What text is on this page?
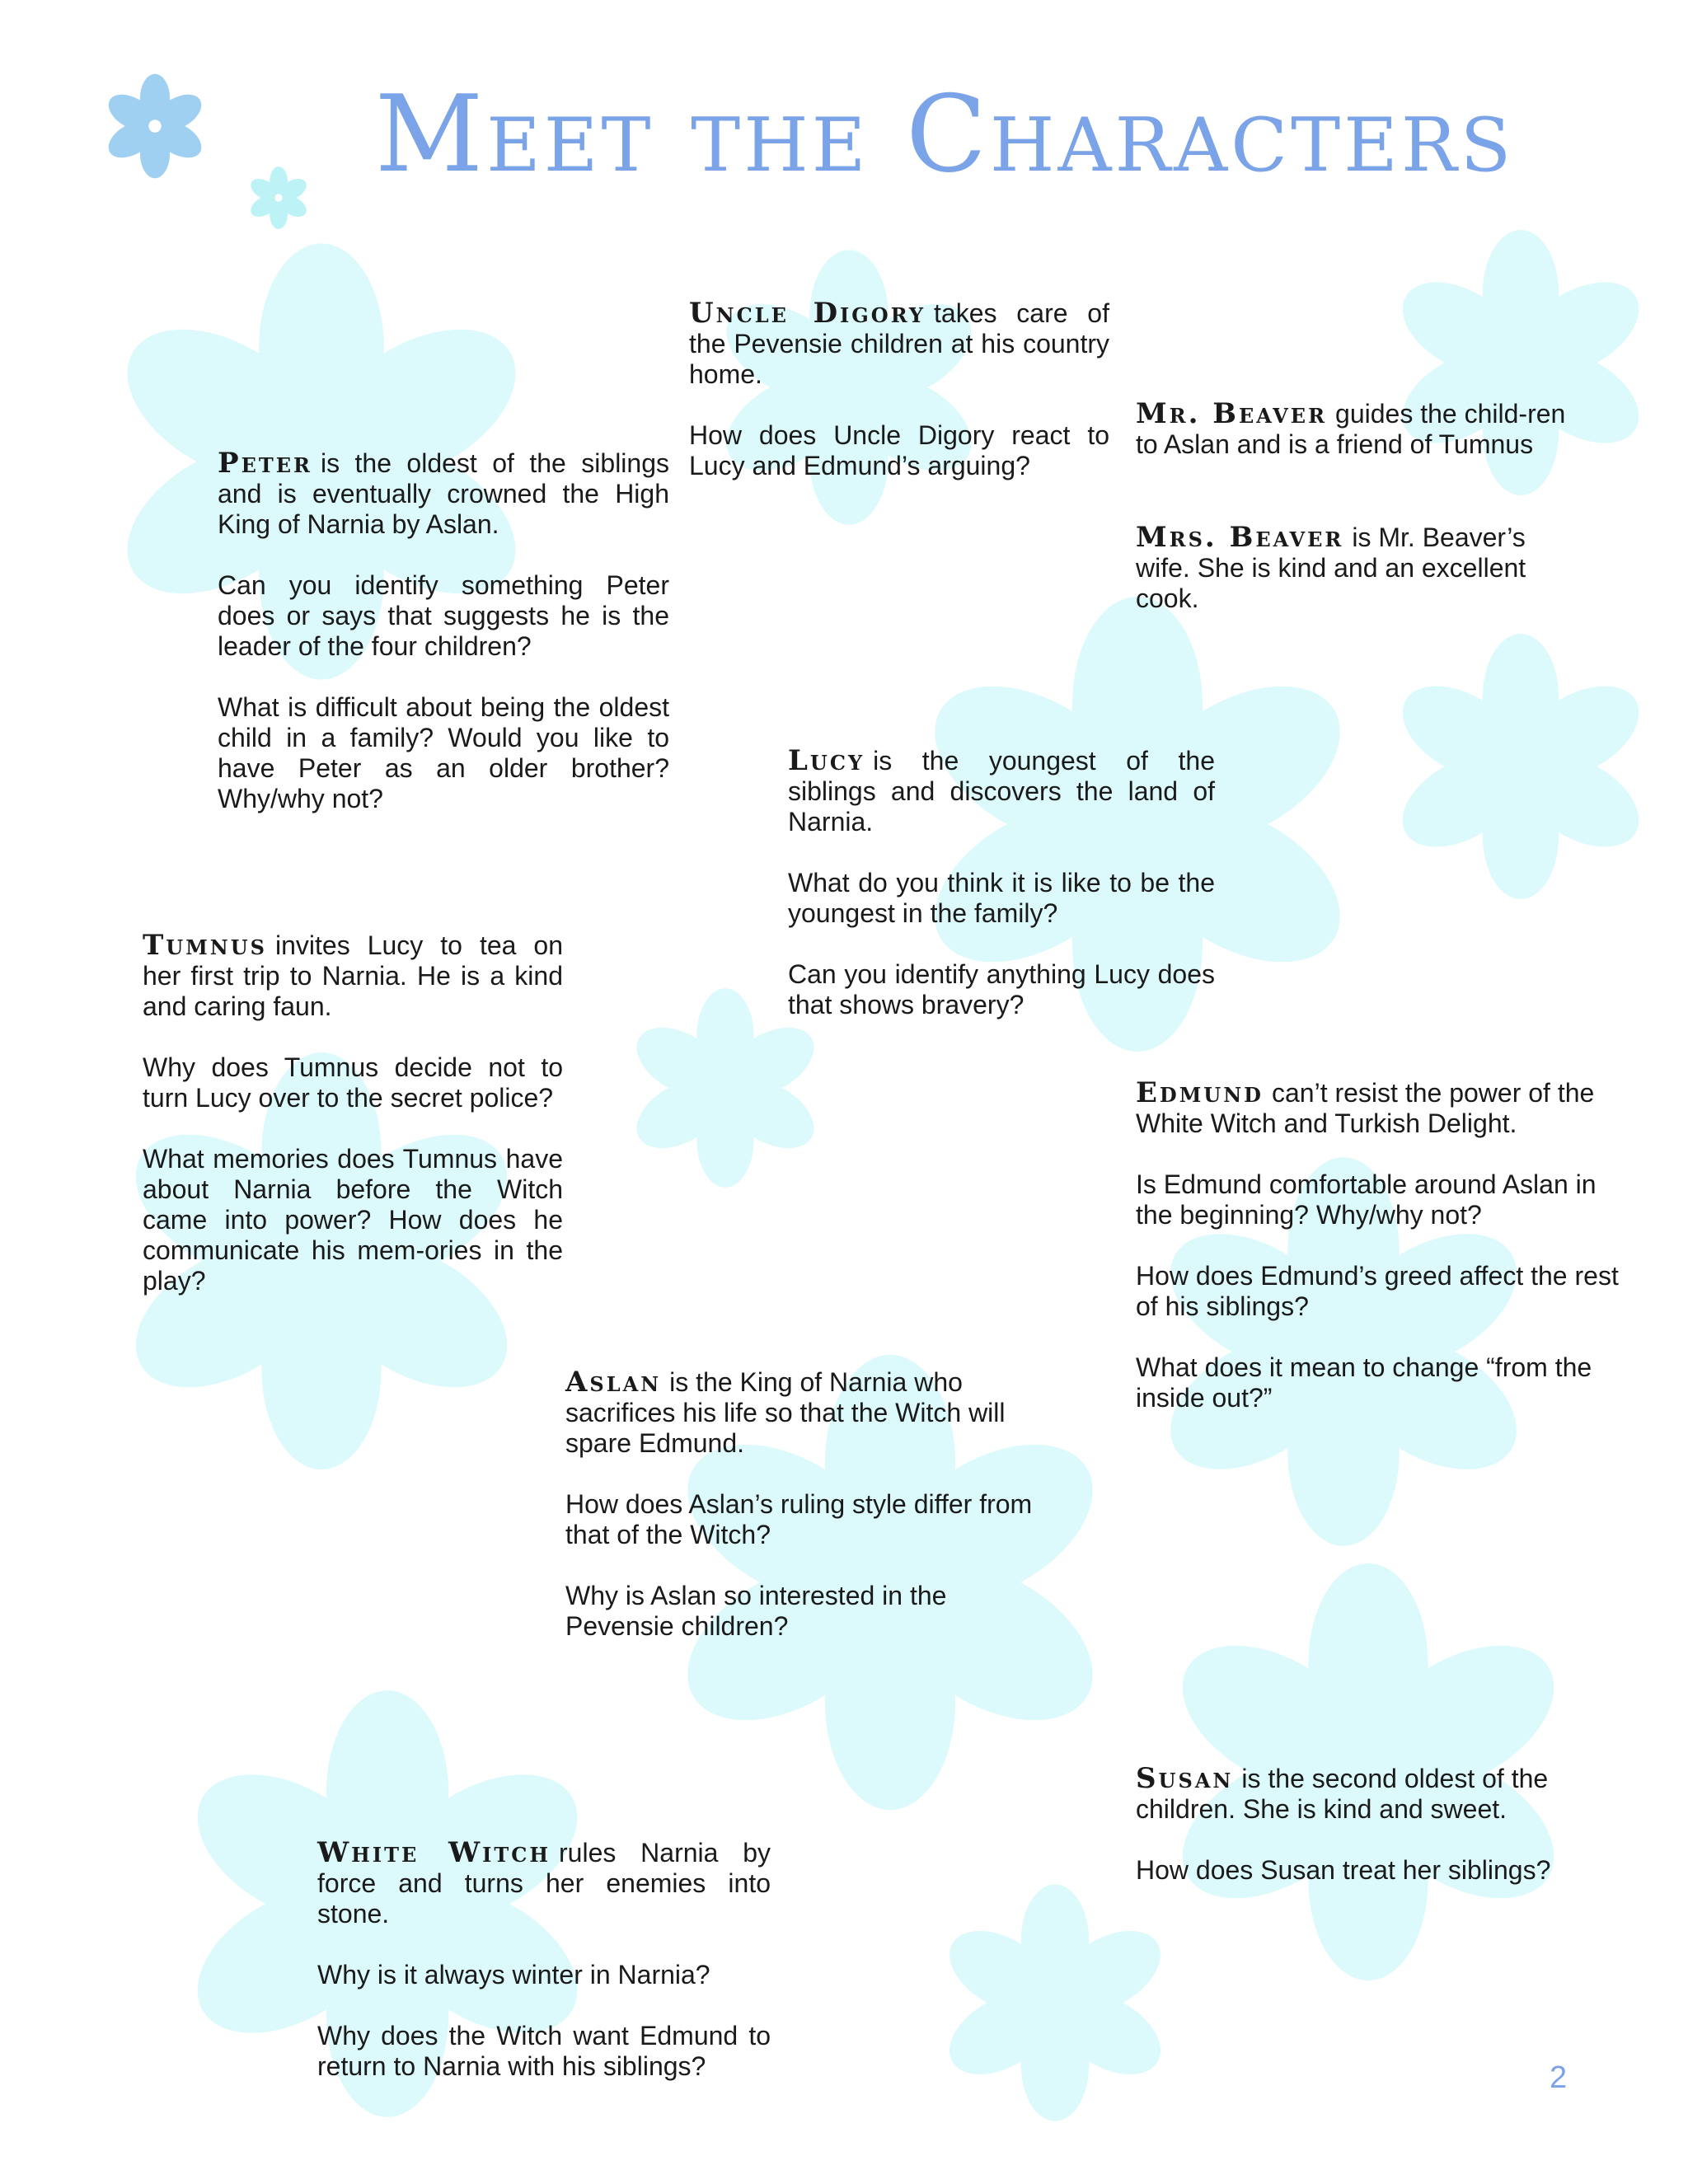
Meet the Characters

Uncle Digory takes care of the Pevensie children at his country home.

How does Uncle Digory react to Lucy and Edmund’s arguing?

Mr. Beaver guides the child-ren to Aslan and is a friend of Tumnus

Mrs. Beaver is Mr. Beaver’s wife. She is kind and an excellent cook.

Peter is the oldest of the siblings and is eventually crowned the High King of Narnia by Aslan.

Can you identify something Peter does or says that suggests he is the leader of the four children?

What is difficult about being the oldest child in a family? Would you like to have Peter as an older brother? Why/why not?

Lucy is the youngest of the siblings and discovers the land of Narnia.

What do you think it is like to be the youngest in the family?

Can you identify anything Lucy does that shows bravery?

Tumnus invites Lucy to tea on her first trip to Narnia. He is a kind and caring faun.

Why does Tumnus decide not to turn Lucy over to the secret police?

What memories does Tumnus have about Narnia before the Witch came into power? How does he communicate his mem-ories in the play?

Edmund can’t resist the power of the White Witch and Turkish Delight.

Is Edmund comfortable around Aslan in the beginning? Why/why not?

How does Edmund’s greed affect the rest of his siblings?

What does it mean to change “from the inside out?”

Aslan is the King of Narnia who sacrifices his life so that the Witch will spare Edmund.

How does Aslan’s ruling style differ from that of the Witch?

Why is Aslan so interested in the Pevensie children?

Susan is the second oldest of the children. She is kind and sweet.

How does Susan treat her siblings?

White Witch rules Narnia by force and turns her enemies into stone.

Why is it always winter in Narnia?

Why does the Witch want Edmund to return to Narnia with his siblings?	2
